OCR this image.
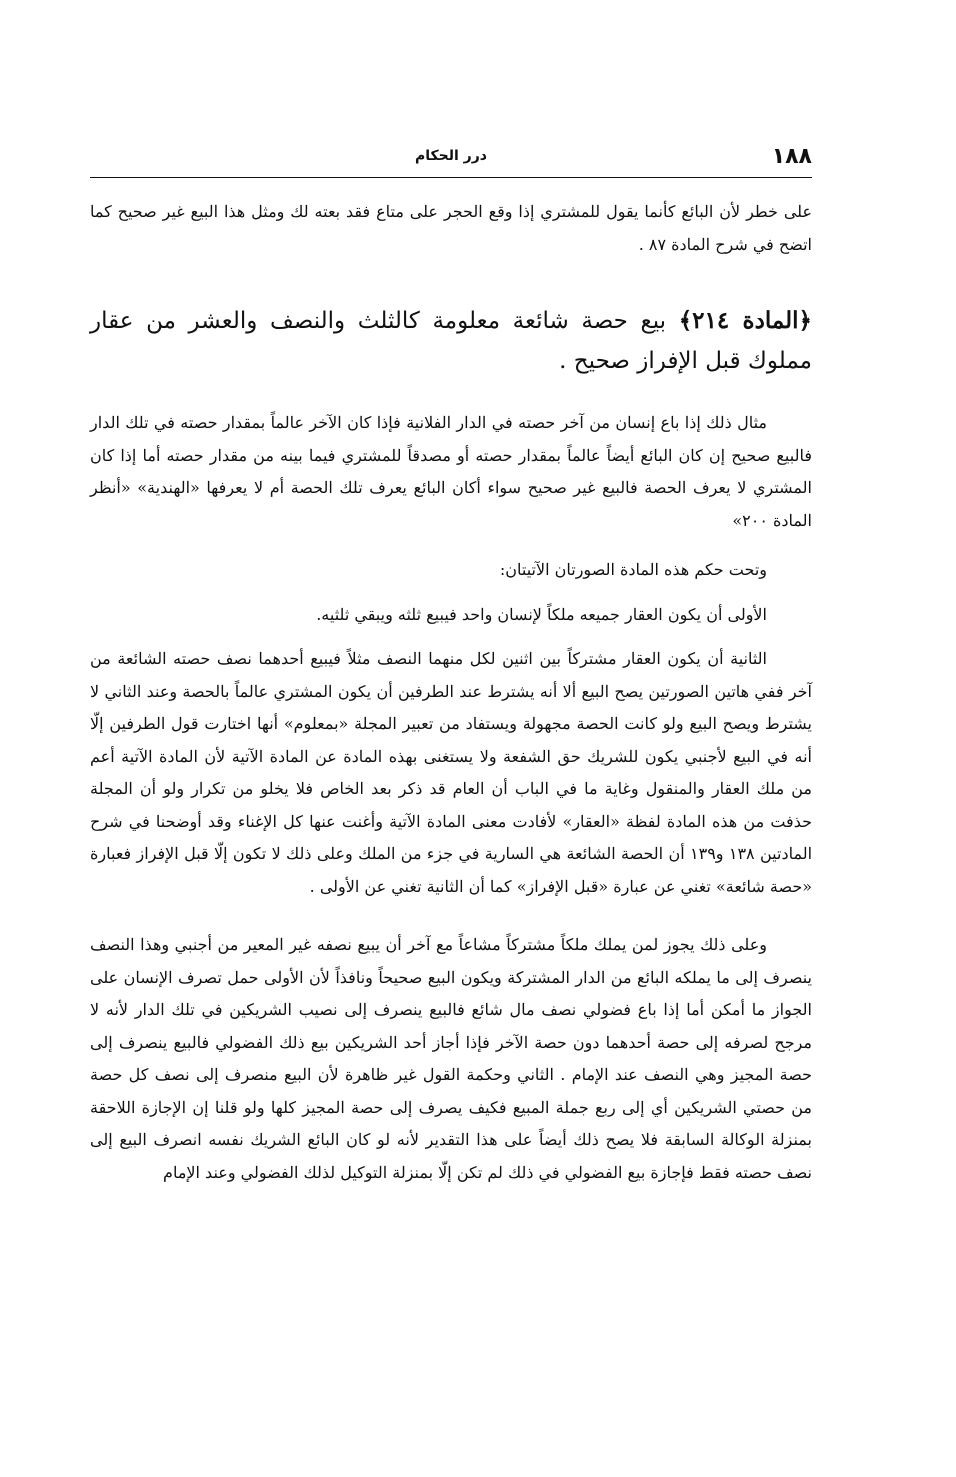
١٨٨
درر الحكام

على خطر لأن البائع كأنما يقول للمشتري إذا وقع الحجر على متاع فقد بعته لك ومثل هذا البيع غير صحيح كما اتضح في شرح المادة ٨٧ .

﴿المادة ٢١٤﴾ بيع حصة شائعة معلومة كالثلث والنصف والعشر من عقار مملوك قبل الإفراز صحيح .

مثال ذلك إذا باع إنسان من آخر حصته في الدار الفلانية فإذا كان الآخر عالماً بمقدار حصته في تلك الدار فالبيع صحيح إن كان البائع أيضاً عالماً بمقدار حصته أو مصدقاً للمشتري فيما بينه من مقدار حصته أما إذا كان المشتري لا يعرف الحصة فالبيع غير صحيح سواء أكان البائع يعرف تلك الحصة أم لا يعرفها «الهندية» «أنظر المادة ٢٠٠»

وتحت حكم هذه المادة الصورتان الآتيتان:

الأولى أن يكون العقار جميعه ملكاً لإنسان واحد فيبيع ثلثه ويبقي ثلثيه.

الثانية أن يكون العقار مشتركاً بين اثنين لكل منهما النصف مثلاً فيبيع أحدهما نصف حصته الشائعة من آخر ففي هاتين الصورتين يصح البيع ألا أنه يشترط عند الطرفين أن يكون المشتري عالماً بالحصة وعند الثاني لا يشترط ويصح البيع ولو كانت الحصة مجهولة ويستفاد من تعبير المجلة «بمعلوم» أنها اختارت قول الطرفين إلّا أنه في البيع لأجنبي يكون للشريك حق الشفعة ولا يستغنى بهذه المادة عن المادة الآتية لأن المادة الآتية أعم من ملك العقار والمنقول وغاية ما في الباب أن العام قد ذكر بعد الخاص فلا يخلو من تكرار ولو أن المجلة حذفت من هذه المادة لفظة «العقار» لأفادت معنى المادة الآتية وأغنت عنها كل الإغناء وقد أوضحنا في شرح المادتين ١٣٨ و١٣٩ أن الحصة الشائعة هي السارية في جزء من الملك وعلى ذلك لا تكون إلّا قبل الإفراز فعبارة «حصة شائعة» تغني عن عبارة «قبل الإفراز» كما أن الثانية تغني عن الأولى .

وعلى ذلك يجوز لمن يملك ملكاً مشتركاً مشاعاً مع آخر أن يبيع نصفه غير المعير من أجنبي وهذا النصف ينصرف إلى ما يملكه البائع من الدار المشتركة ويكون البيع صحيحاً ونافذاً لأن الأولى حمل تصرف الإنسان على الجواز ما أمكن أما إذا باع فضولي نصف مال شائع فالبيع ينصرف إلى نصيب الشريكين في تلك الدار لأنه لا مرجح لصرفه إلى حصة أحدهما دون حصة الآخر فإذا أجاز أحد الشريكين بيع ذلك الفضولي فالبيع ينصرف إلى حصة المجيز وهي النصف عند الإمام . الثاني وحكمة القول غير ظاهرة لأن البيع منصرف إلى نصف كل حصة من حصتي الشريكين أي إلى ربع جملة المبيع فكيف يصرف إلى حصة المجيز كلها ولو قلنا إن الإجازة اللاحقة بمنزلة الوكالة السابقة فلا يصح ذلك أيضاً على هذا التقدير لأنه لو كان البائع الشريك نفسه انصرف البيع إلى نصف حصته فقط فإجازة بيع الفضولي في ذلك لم تكن إلّا بمنزلة التوكيل لذلك الفضولي وعند الإمام
